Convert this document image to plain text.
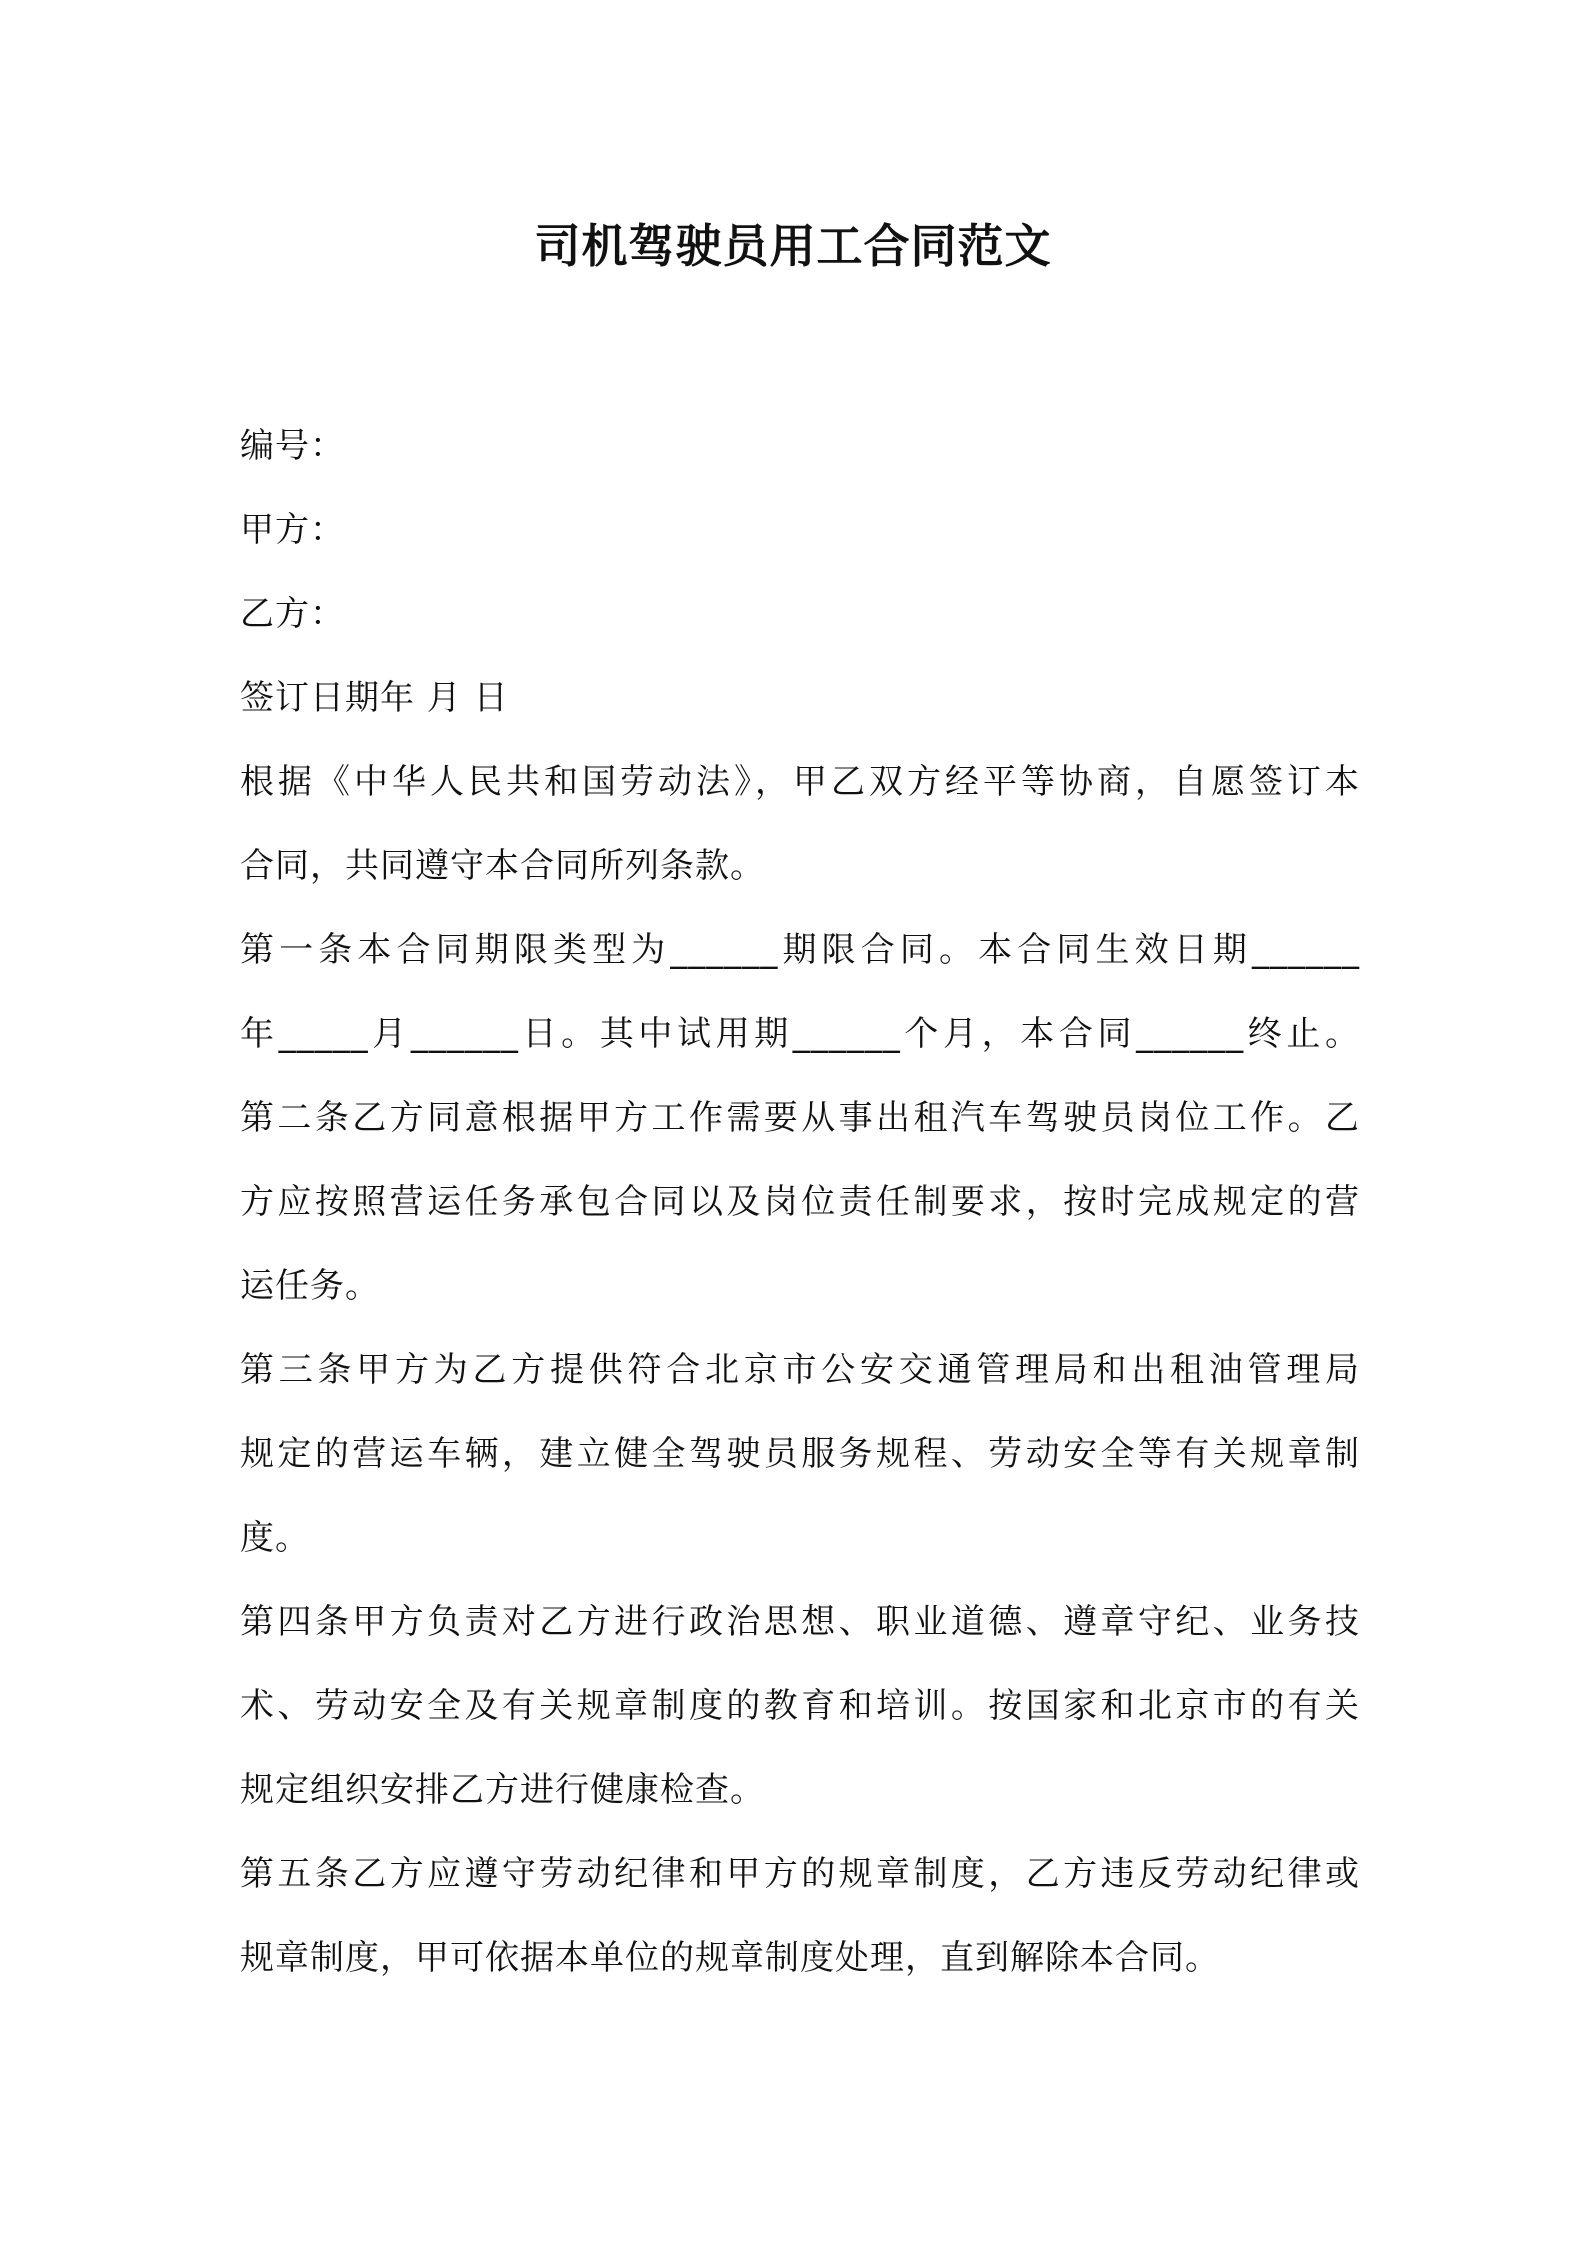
司机驾驶员用工合同范文
编号：
甲方：
乙方：
签订日期年 月 日
根据《中华人民共和国劳动法》，甲乙双方经平等协商，自愿签订本
合同，共同遵守本合同所列条款。
第一条本合同期限类型为______期限合同。本合同生效日期______
年_____月______日。其中试用期______个月，本合同______终止。
第二条乙方同意根据甲方工作需要从事出租汽车驾驶员岗位工作。乙
方应按照营运任务承包合同以及岗位责任制要求，按时完成规定的营
运任务。
第三条甲方为乙方提供符合北京市公安交通管理局和出租油管理局
规定的营运车辆，建立健全驾驶员服务规程、劳动安全等有关规章制
度。
第四条甲方负责对乙方进行政治思想、职业道德、遵章守纪、业务技
术、劳动安全及有关规章制度的教育和培训。按国家和北京市的有关
规定组织安排乙方进行健康检查。
第五条乙方应遵守劳动纪律和甲方的规章制度，乙方违反劳动纪律或
规章制度，甲可依据本单位的规章制度处理，直到解除本合同。
